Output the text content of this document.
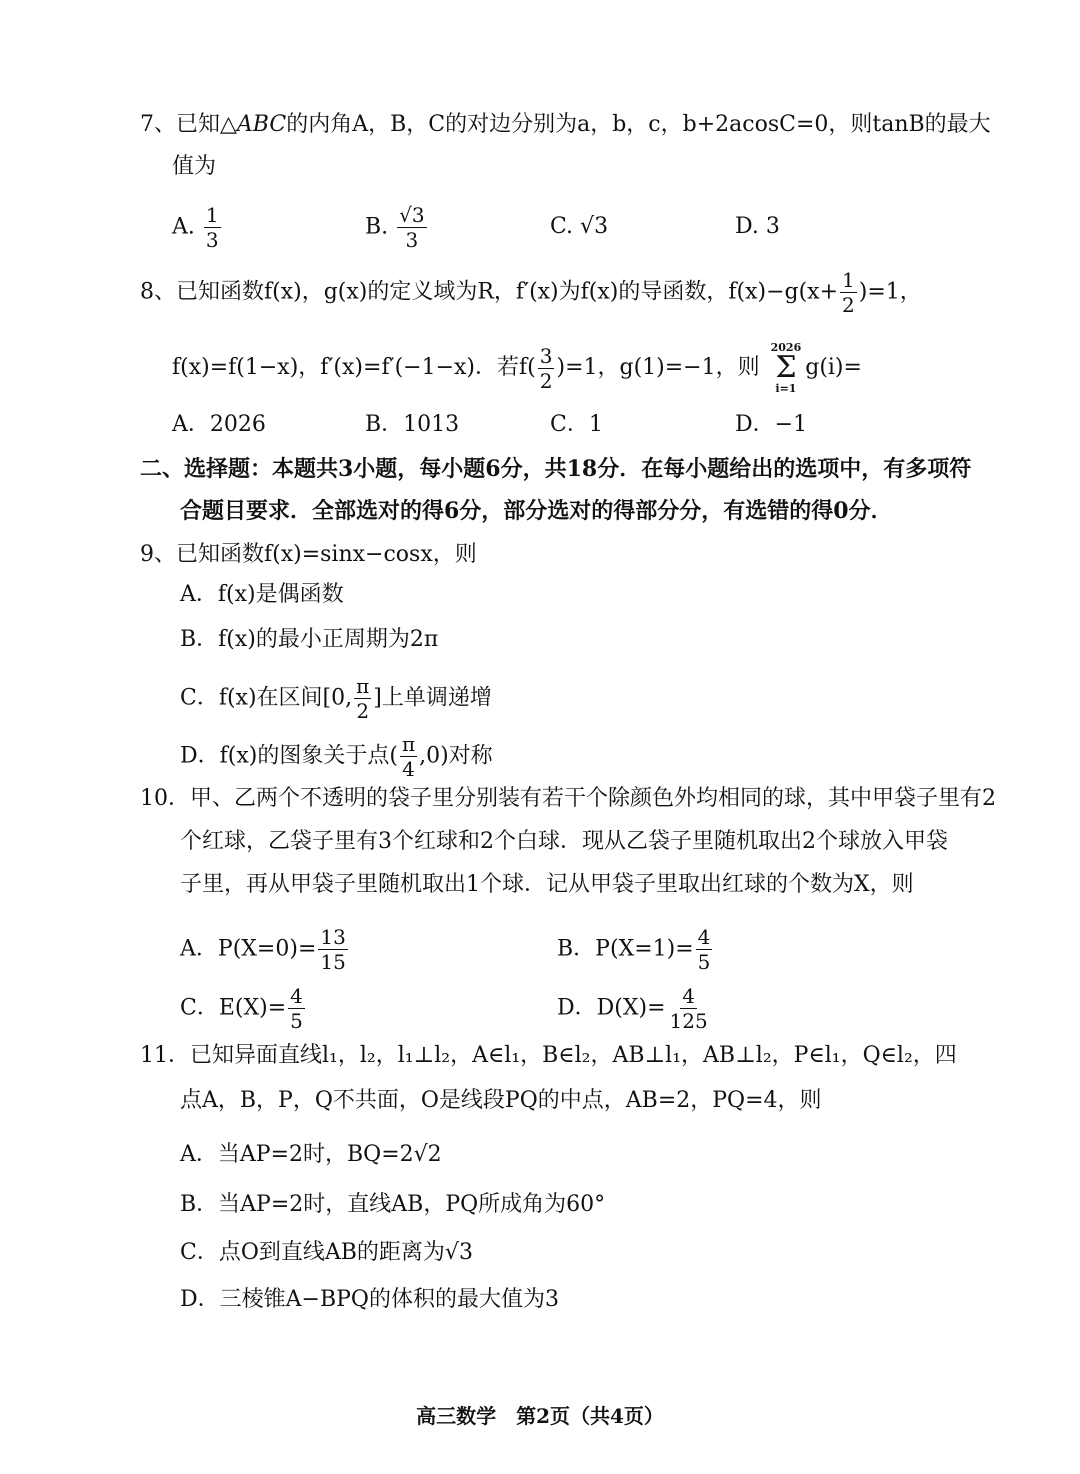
7、已知△ABC的内角A，B，C的对边分别为a，b，c，b+2acosC=0，则tanB的最大
值为
A. $\frac{1}{3}$	B. $\frac{√3}{3}$	C. √3	D. 3
8、已知函数f(x)，g(x)的定义域为R，f′(x)为f(x)的导函数，$f(x)-g(x+ \frac{1}{2} )=1$，
f(x)=f(1−x)，f′(x)=f′(−1−x)．若$f( \frac{3}{2} )=1$，g(1)=−1，则
2026
Σ
i=1
g(i)=
A．2026	B．1013	C．1	D．−1
二、选择题：本题共3小题，每小题6分，共18分．在每小题给出的选项中，有多项符
合题目要求．全部选对的得6分，部分选对的得部分分，有选错的得0分．
9、已知函数f(x)=sinx−cosx，则
A．f(x)是偶函数
B．f(x)的最小正周期为2π
C．f(x)在区间[0, $\frac{\pi}{2}$ ]上单调递增
D．f(x)的图象关于点( $\frac{\pi}{4} ,0$)对称
10．甲、乙两个不透明的袋子里分别装有若干个除颜色外均相同的球，其中甲袋子里有2
个红球，乙袋子里有3个红球和2个白球．现从乙袋子里随机取出2个球放入甲袋
子里，再从甲袋子里随机取出1个球．记从甲袋子里取出红球的个数为X，则
A．$P(X=0)= \frac{13}{15}$	B．$P(X=1)= \frac{4}{5}$
C．$E(X)= \frac{4}{5}$	D．$D(X)= \frac{4}{125}$
11．已知异面直线l₁，l₂，l₁⊥l₂，A∈l₁，B∈l₂，AB⊥l₁，AB⊥l₂，P∈l₁，Q∈l₂，四
点A，B，P，Q不共面，O是线段PQ的中点，AB=2，PQ=4，则
A．当AP=2时，BQ=2√2
B．当AP=2时，直线AB，PQ所成角为60°
C．点O到直线AB的距离为√3
D．三棱锥A−BPQ的体积的最大值为3
高三数学　第2页（共4页）
